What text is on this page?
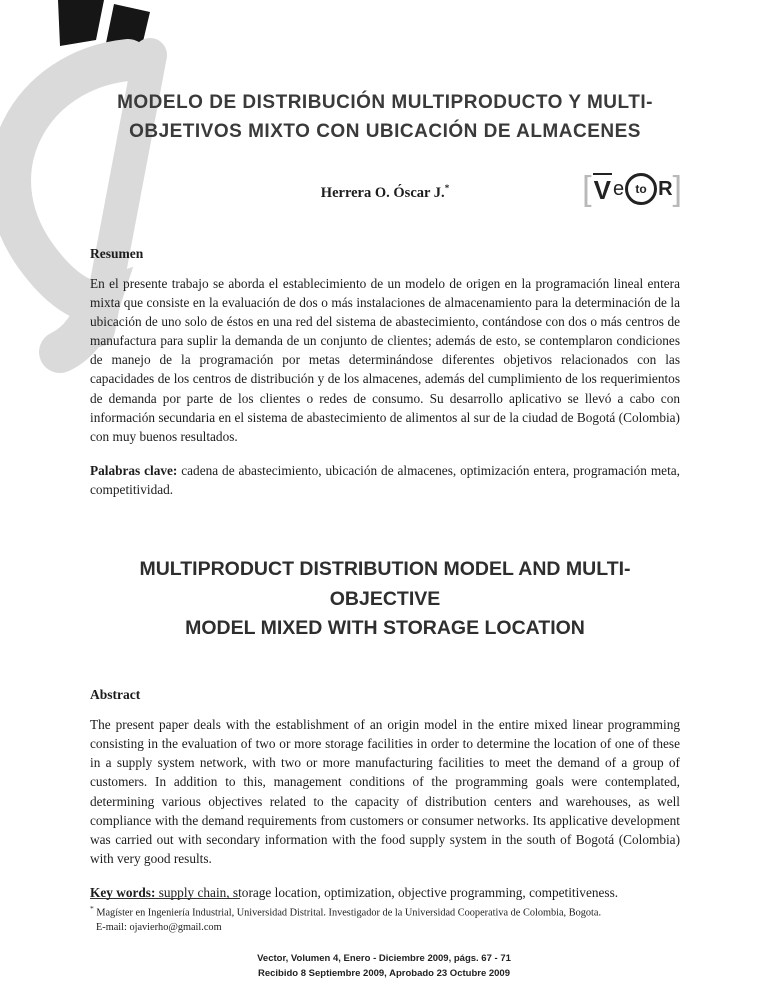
[ V e to R ]
MODELO DE DISTRIBUCIÓN MULTIPRODUCTO Y MULTI-
OBJETIVOS MIXTO CON UBICACIÓN DE ALMACENES
Herrera O. Óscar J.*
Resumen
En el presente trabajo se aborda el establecimiento de un modelo de origen en la programación lineal entera mixta que consiste en la evaluación de dos o más instalaciones de almacenamiento para la determinación de la ubicación de uno solo de éstos en una red del sistema de abastecimiento, contándose con dos o más centros de manufactura para suplir la demanda de un conjunto de clientes; además de esto, se contemplaron condiciones de manejo de la programación por metas determinándose diferentes objetivos relacionados con las capacidades de los centros de distribución y de los almacenes, además del cumplimiento de los requerimientos de demanda por parte de los clientes o redes de consumo. Su desarrollo aplicativo se llevó a cabo con información secundaria en el sistema de abastecimiento de alimentos al sur de la ciudad de Bogotá (Colombia) con muy buenos resultados.
Palabras clave: cadena de abastecimiento, ubicación de almacenes, optimización entera, programación meta, competitividad.
MULTIPRODUCT DISTRIBUTION MODEL AND MULTI-OBJECTIVE
MODEL MIXED WITH STORAGE LOCATION
Abstract
The present paper deals with the establishment of an origin model in the entire mixed linear programming consisting in the evaluation of two or more storage facilities in order to determine the location of one of these in a supply system network, with two or more manufacturing facilities to meet the demand of a group of customers. In addition to this, management conditions of the programming goals were contemplated, determining various objectives related to the capacity of distribution centers and warehouses, as well compliance with the demand requirements from customers or consumer networks. Its applicative development was carried out with secondary information with the food supply system in the south of Bogotá (Colombia) with very good results.
Key words: supply chain, storage location, optimization, objective programming, competitiveness.
* Magíster en Ingeniería Industrial, Universidad Distrital. Investigador de la Universidad Cooperativa de Colombia, Bogota.
E-mail: ojavierho@gmail.com
Vector, Volumen 4, Enero - Diciembre 2009, págs. 67 - 71
Recibido 8 Septiembre 2009, Aprobado 23 Octubre 2009
